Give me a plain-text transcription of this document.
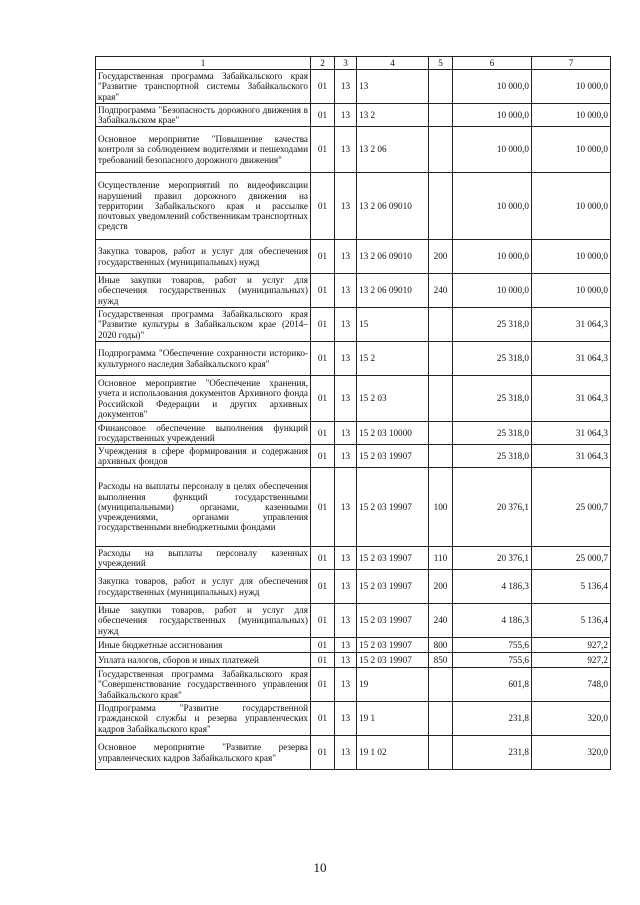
1	2	3	4	5	6	7
Государственная программа Забайкальского края "Развитие транспортной системы Забайкальского края"	01	13	13		10 000,0	10 000,0
Подпрограмма "Безопасность дорожного движения в Забайкальском крае"	01	13	13 2		10 000,0	10 000,0
Основное мероприятие "Повышение качества контроля за соблюдением водителями и пешеходами требований безопасного дорожного движения"	01	13	13 2 06		10 000,0	10 000,0
Осуществление мероприятий по видеофиксации нарушений правил дорожного движения на территории Забайкальского края и рассылке почтовых уведомлений собственникам транспортных средств	01	13	13 2 06 09010		10 000,0	10 000,0
Закупка товаров, работ и услуг для обеспечения государственных (муниципальных) нужд	01	13	13 2 06 09010	200	10 000,0	10 000,0
Иные закупки товаров, работ и услуг для обеспечения государственных (муниципальных) нужд	01	13	13 2 06 09010	240	10 000,0	10 000,0
Государственная программа Забайкальского края "Развитие культуры в Забайкальском крае (2014–2020 годы)"	01	13	15		25 318,0	31 064,3
Подпрограмма "Обеспечение сохранности историко-культурного наследия Забайкальского края"	01	13	15 2		25 318,0	31 064,3
Основное мероприятие "Обеспечение хранения, учета и использования документов Архивного фонда Российской Федерации и других архивных документов"	01	13	15 2 03		25 318,0	31 064,3
Финансовое обеспечение выполнения функций государственных учреждений	01	13	15 2 03 10000		25 318,0	31 064,3
Учреждения в сфере формирования и содержания архивных фондов	01	13	15 2 03 19907		25 318,0	31 064,3
Расходы на выплаты персоналу в целях обеспечения выполнения функций государственными (муниципальными) органами, казенными учреждениями, органами управления государственными внебюджетными фондами	01	13	15 2 03 19907	100	20 376,1	25 000,7
Расходы на выплаты персоналу казенных учреждений	01	13	15 2 03 19907	110	20 376,1	25 000,7
Закупка товаров, работ и услуг для обеспечения государственных (муниципальных) нужд	01	13	15 2 03 19907	200	4 186,3	5 136,4
Иные закупки товаров, работ и услуг для обеспечения государственных (муниципальных) нужд	01	13	15 2 03 19907	240	4 186,3	5 136,4
Иные бюджетные ассигнования	01	13	15 2 03 19907	800	755,6	927,2
Уплата налогов, сборов и иных платежей	01	13	15 2 03 19907	850	755,6	927,2
Государственная программа Забайкальского края "Совершенствование государственного управления Забайкальского края"	01	13	19		601,8	748,0
Подпрограмма "Развитие государственной гражданской службы и резерва управленческих кадров Забайкальского края"	01	13	19 1		231,8	320,0
Основное мероприятие "Развитие резерва управленческих кадров Забайкальского края"	01	13	19 1 02		231,8	320,0
10
